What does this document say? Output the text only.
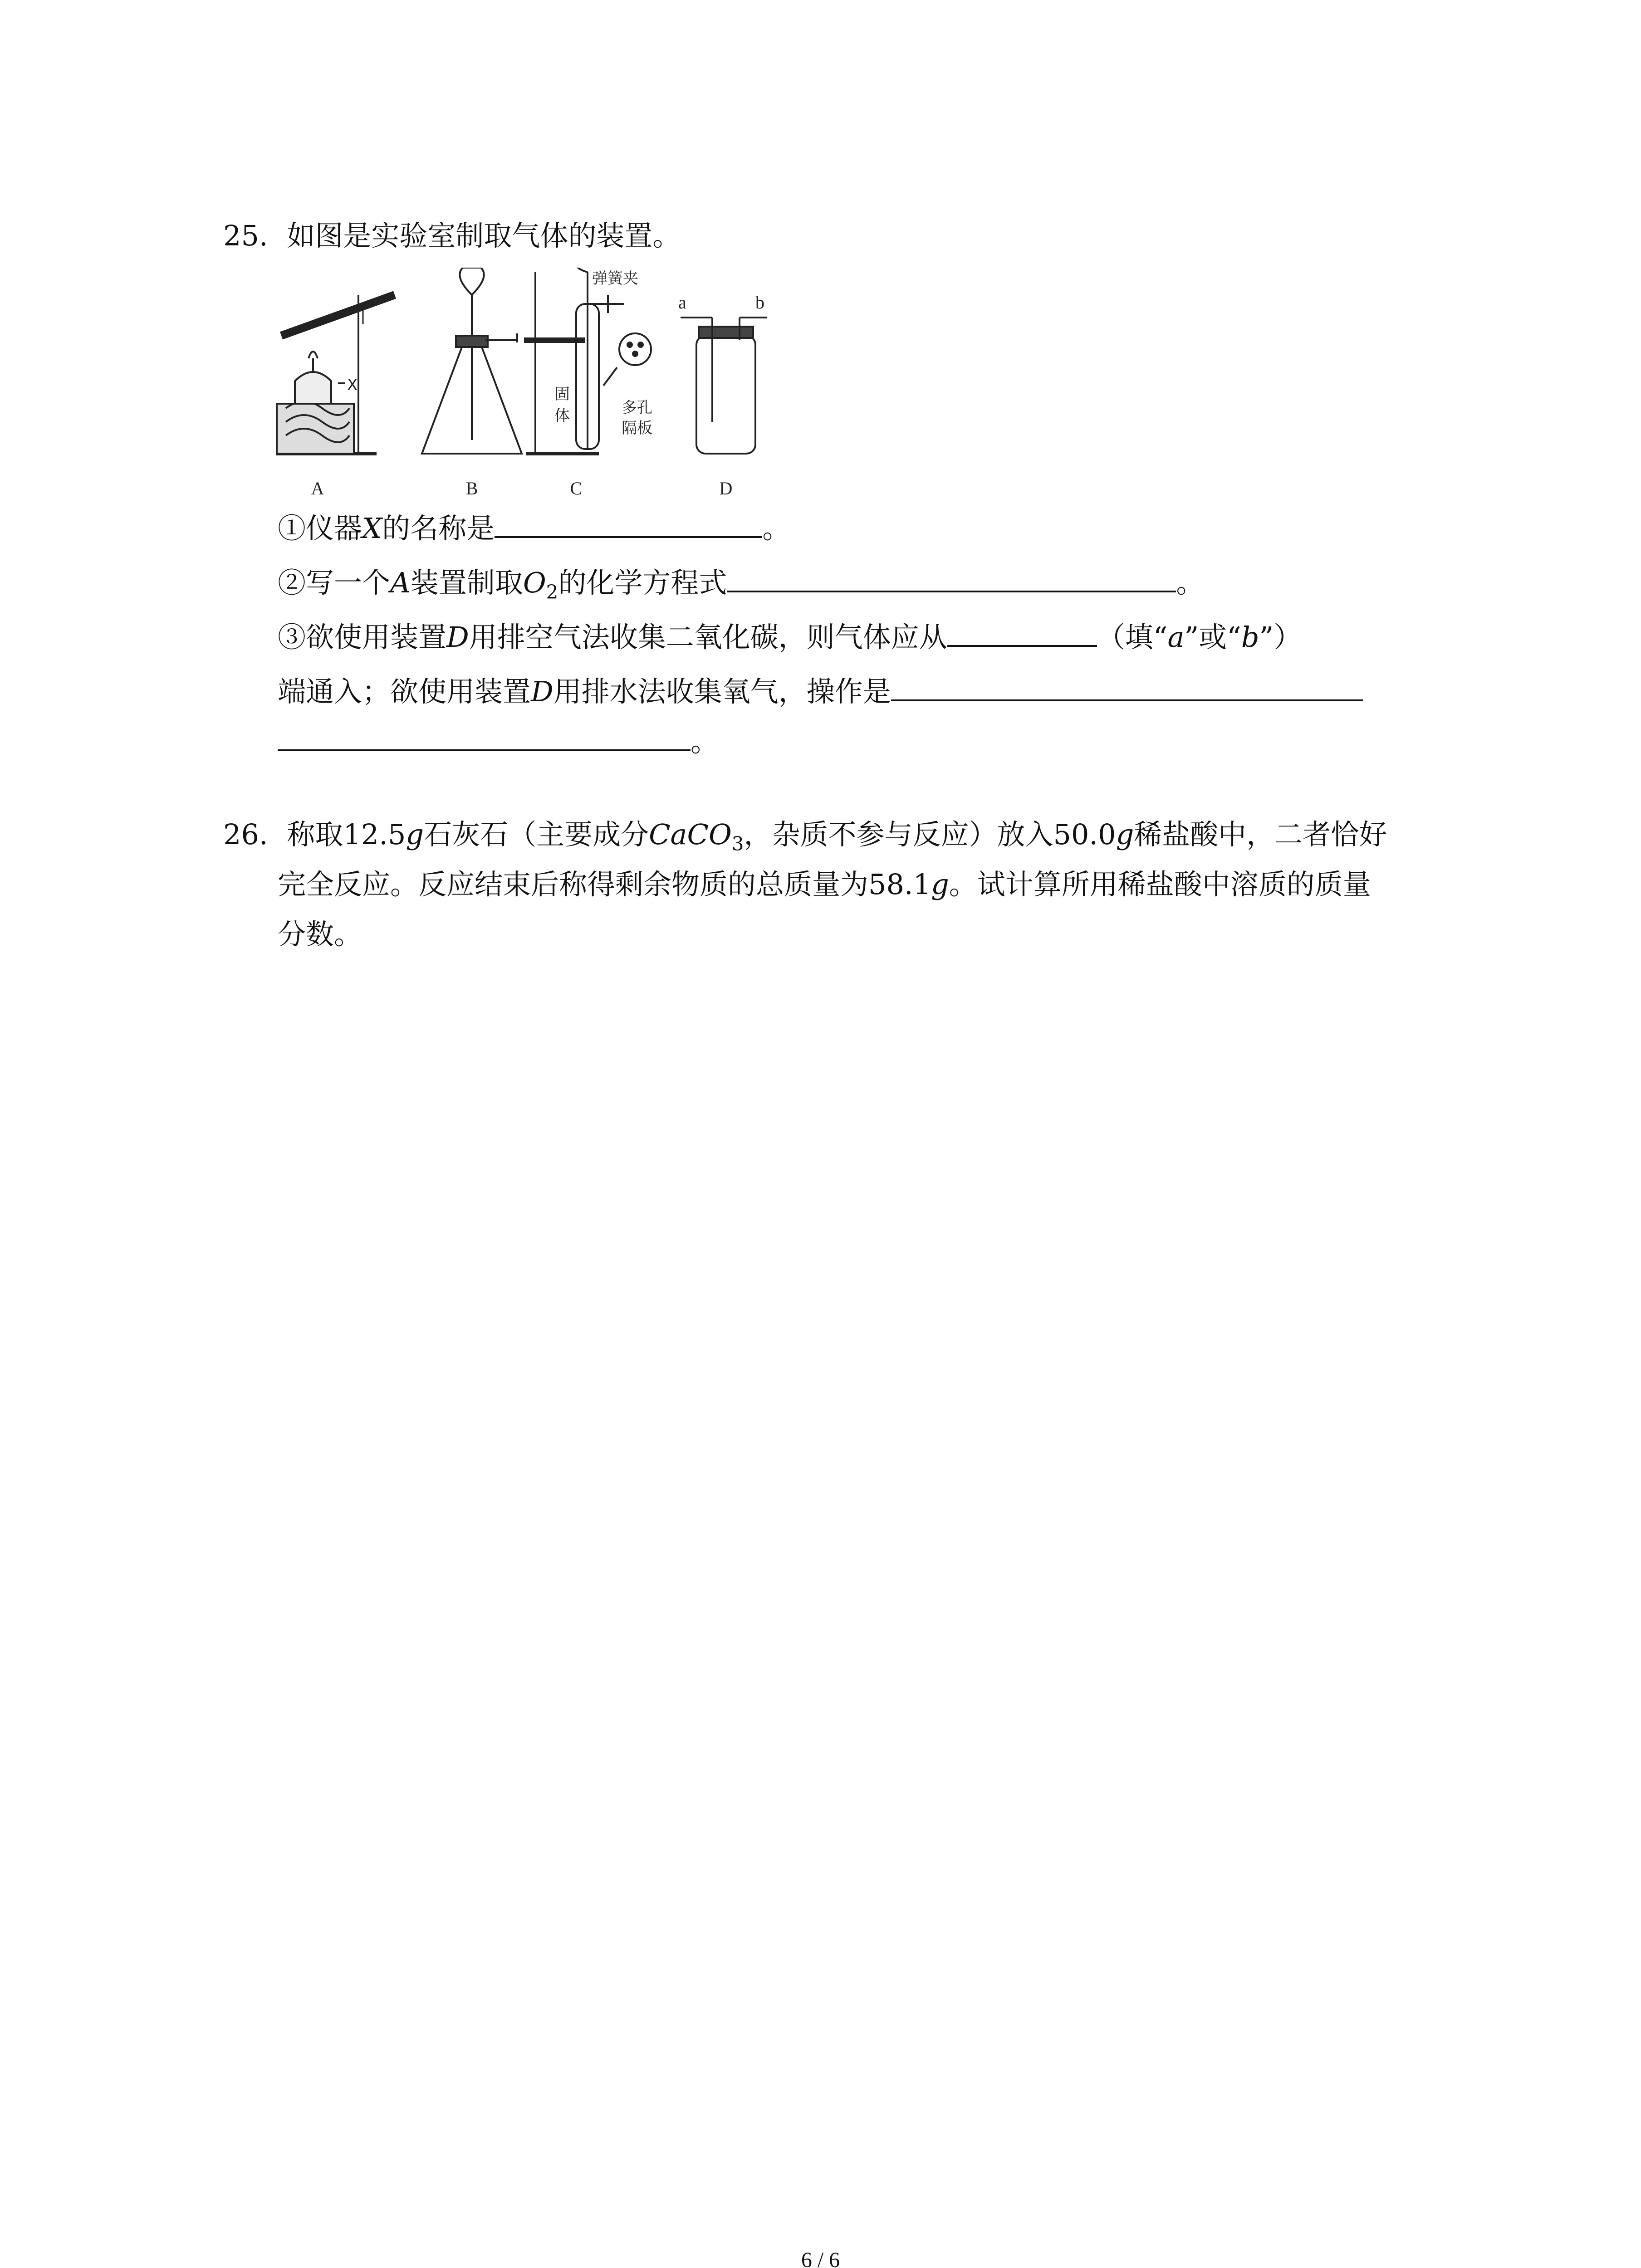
25. 如图是实验室制取气体的装置。
A	B	C	D
X
弹簧夹
固
体	多孔
隔板
a	b
①仪器X的名称是	。
②写一个A装置制取$O_2$的化学方程式	。
③欲使用装置D用排空气法收集二氧化碳，则气体应从	（填“a”或“b”）
端通入；欲使用装置D用排水法收集氧气，操作是
。
26. 称取12.5g石灰石（主要成分CaCO$_3$，杂质不参与反应）放入50.0g稀盐酸中，二者恰好
完全反应。反应结束后称得剩余物质的总质量为58.1g。试计算所用稀盐酸中溶质的质量
分数。
6 / 6
